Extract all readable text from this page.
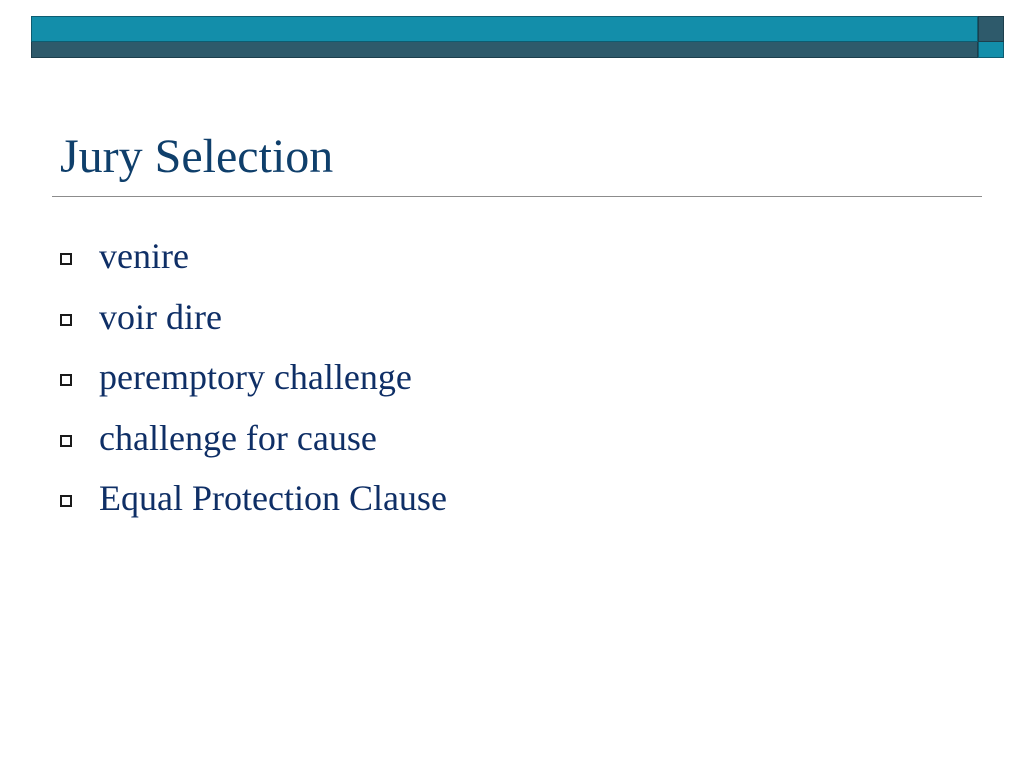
Jury Selection
venire
voir dire
peremptory challenge
challenge for cause
Equal Protection Clause
